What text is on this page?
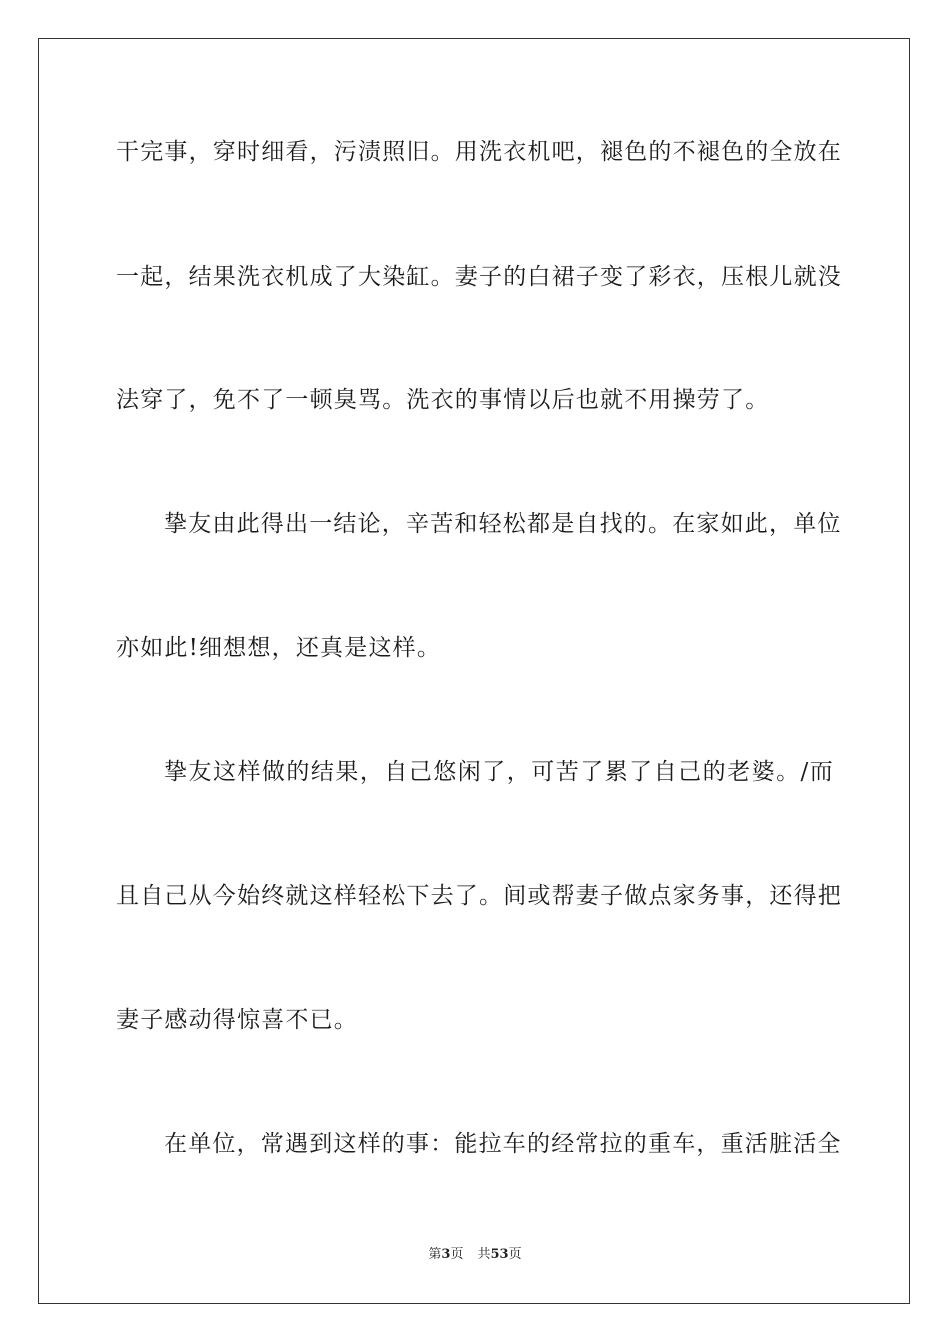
干完事，穿时细看，污渍照旧。用洗衣机吧，褪色的不褪色的全放在
一起，结果洗衣机成了大染缸。妻子的白裙子变了彩衣，压根儿就没
法穿了，免不了一顿臭骂。洗衣的事情以后也就不用操劳了。
挚友由此得出一结论，辛苦和轻松都是自找的。在家如此，单位
亦如此!细想想，还真是这样。
挚友这样做的结果，自己悠闲了，可苦了累了自己的老婆。/而
且自己从今始终就这样轻松下去了。间或帮妻子做点家务事，还得把
妻子感动得惊喜不已。
在单位，常遇到这样的事：能拉车的经常拉的重车，重活脏活全
第3页 共53页
